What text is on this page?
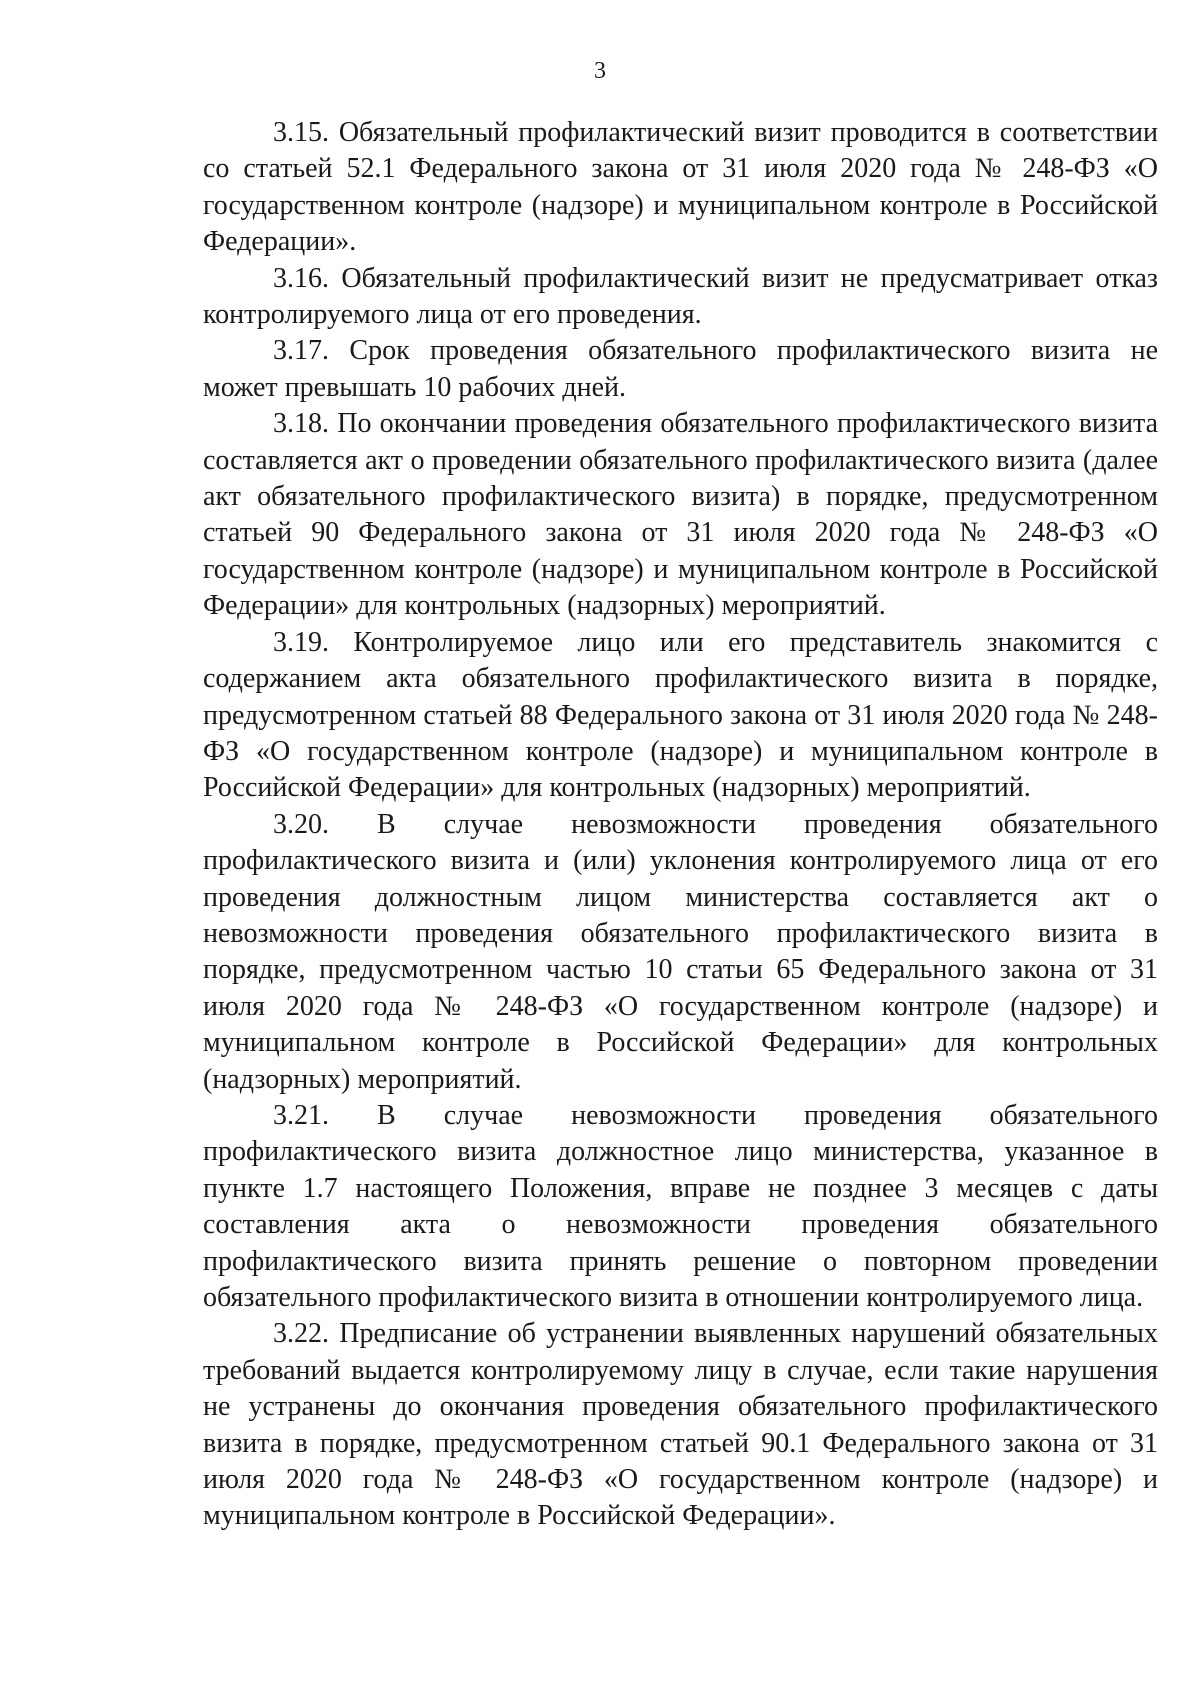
3

3.15. Обязательный профилактический визит проводится в соответствии со статьей 52.1 Федерального закона от 31 июля 2020 года № 248-ФЗ «О государственном контроле (надзоре) и муниципальном контроле в Российской Федерации».

3.16. Обязательный профилактический визит не предусматривает отказ контролируемого лица от его проведения.

3.17. Срок проведения обязательного профилактического визита не может превышать 10 рабочих дней.

3.18. По окончании проведения обязательного профилактического визита составляется акт о проведении обязательного профилактического визита (далее акт обязательного профилактического визита) в порядке, предусмотренном статьей 90 Федерального закона от 31 июля 2020 года № 248-ФЗ «О государственном контроле (надзоре) и муниципальном контроле в Российской Федерации» для контрольных (надзорных) мероприятий.

3.19. Контролируемое лицо или его представитель знакомится с содержанием акта обязательного профилактического визита в порядке, предусмотренном статьей 88 Федерального закона от 31 июля 2020 года № 248-ФЗ «О государственном контроле (надзоре) и муниципальном контроле в Российской Федерации» для контрольных (надзорных) мероприятий.

3.20. В случае невозможности проведения обязательного профилактического визита и (или) уклонения контролируемого лица от его проведения должностным лицом министерства составляется акт о невозможности проведения обязательного профилактического визита в порядке, предусмотренном частью 10 статьи 65 Федерального закона от 31 июля 2020 года № 248-ФЗ «О государственном контроле (надзоре) и муниципальном контроле в Российской Федерации» для контрольных (надзорных) мероприятий.

3.21. В случае невозможности проведения обязательного профилактического визита должностное лицо министерства, указанное в пункте 1.7 настоящего Положения, вправе не позднее 3 месяцев с даты составления акта о невозможности проведения обязательного профилактического визита принять решение о повторном проведении обязательного профилактического визита в отношении контролируемого лица.

3.22. Предписание об устранении выявленных нарушений обязательных требований выдается контролируемому лицу в случае, если такие нарушения не устранены до окончания проведения обязательного профилактического визита в порядке, предусмотренном статьей 90.1 Федерального закона от 31 июля 2020 года № 248-ФЗ «О государственном контроле (надзоре) и муниципальном контроле в Российской Федерации».
